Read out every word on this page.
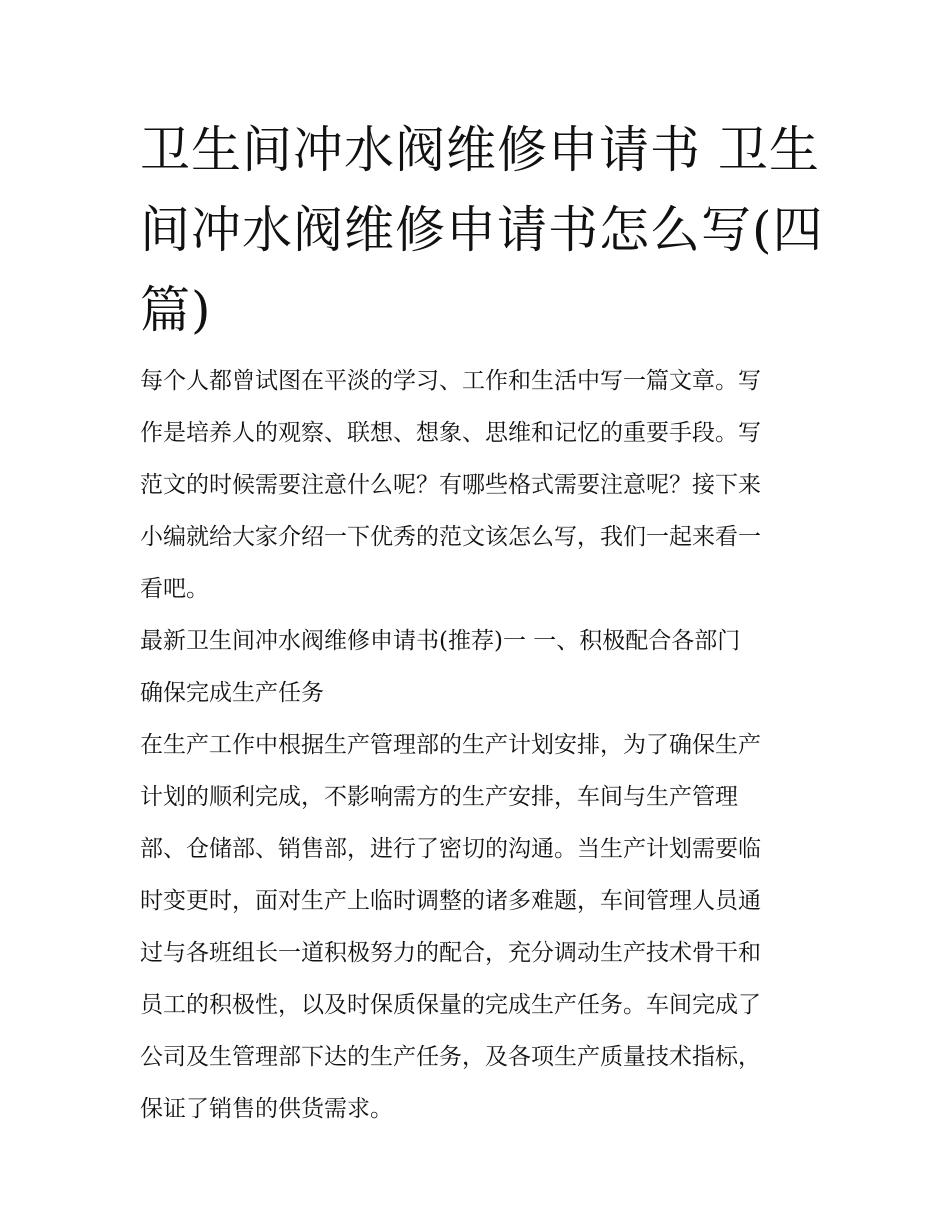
卫生间冲水阀维修申请书 卫生
间冲水阀维修申请书怎么写(四
篇)

每个人都曾试图在平淡的学习、工作和生活中写一篇文章。写
作是培养人的观察、联想、想象、思维和记忆的重要手段。写
范文的时候需要注意什么呢？有哪些格式需要注意呢？接下来
小编就给大家介绍一下优秀的范文该怎么写，我们一起来看一
看吧。

最新卫生间冲水阀维修申请书(推荐)一 一、积极配合各部门
确保完成生产任务

在生产工作中根据生产管理部的生产计划安排，为了确保生产
计划的顺利完成，不影响需方的生产安排，车间与生产管理
部、仓储部、销售部，进行了密切的沟通。当生产计划需要临
时变更时，面对生产上临时调整的诸多难题，车间管理人员通
过与各班组长一道积极努力的配合，充分调动生产技术骨干和
员工的积极性，以及时保质保量的完成生产任务。车间完成了
公司及生管理部下达的生产任务，及各项生产质量技术指标，
保证了销售的供货需求。
